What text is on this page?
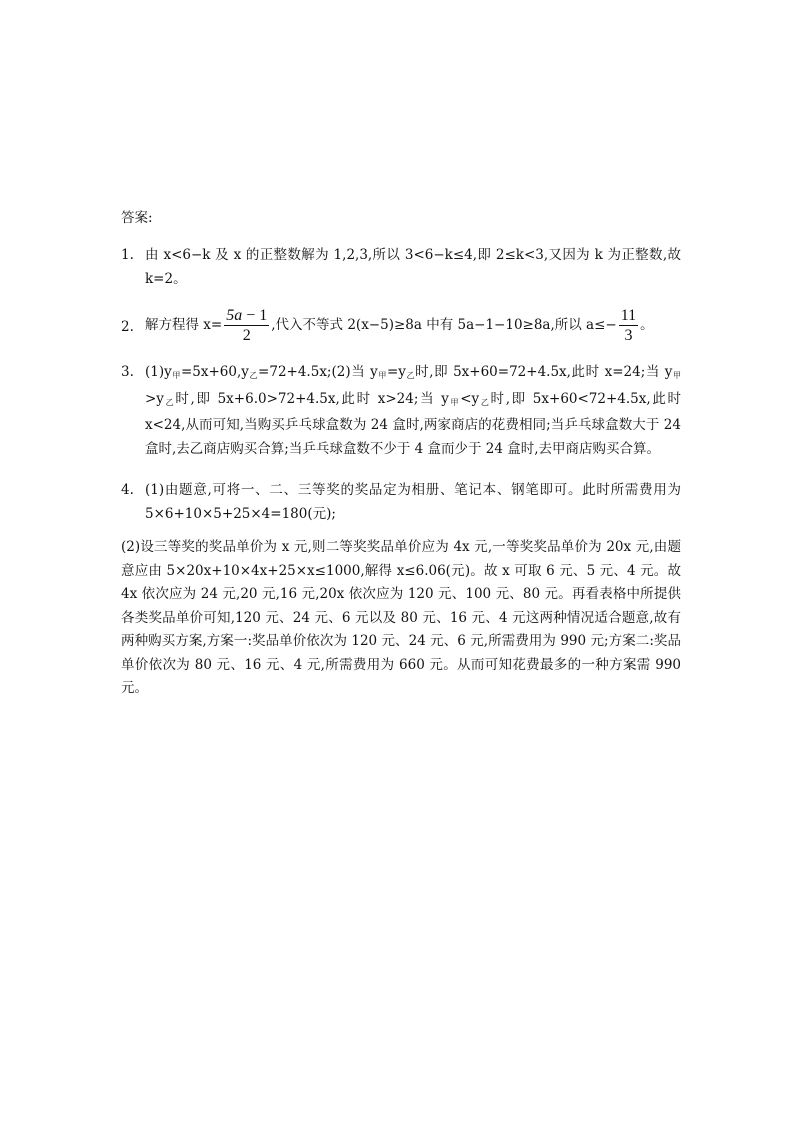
答案:
1. 由 x<6−k 及 x 的正整数解为 1,2,3,所以 3<6−k≤4,即 2≤k<3,又因为 k 为正整数,故 k=2。
2. 解方程得 $x= \frac{5a - 1}{2}$ ,代入不等式 2(x−5)≥8a 中有 5a−1−10≥8a,所以 $a\le- \frac{11}{3}$ 。
3. $(1)y_甲=5x+60,y_乙=72+4.5x;(2)$当 $y_甲=y_乙$时,即 5x+60=72+4.5x,此时 x=24;当 $y_甲>y_乙$时,即 5x+6.0>72+4.5x,此时 x>24;当 $y_甲<y_乙$时,即 5x+60<72+4.5x,此时 x<24,从而可知,当购买乒乓球盒数为 24 盒时,两家商店的花费相同;当乒乓球盒数大于 24 盒时,去乙商店购买合算;当乒乓球盒数不少于 4 盒而少于 24 盒时,去甲商店购买合算。
4. (1)由题意,可将一、二、三等奖的奖品定为相册、笔记本、钢笔即可。此时所需费用为 5×6+10×5+25×4=180(元);
(2)设三等奖的奖品单价为 x 元,则二等奖奖品单价应为 4x 元,一等奖奖品单价为 20x 元,由题意应由 5×20x+10×4x+25×x≤1000,解得 x≤6.06(元)。故 x 可取 6 元、5 元、4 元。故 4x 依次应为 24 元,20 元,16 元,20x 依次应为 120 元、100 元、80 元。再看表格中所提供各类奖品单价可知,120 元、24 元、6 元以及 80 元、16 元、4 元这两种情况适合题意,故有两种购买方案,方案一:奖品单价依次为 120 元、24 元、6 元,所需费用为 990 元;方案二:奖品单价依次为 80 元、16 元、4 元,所需费用为 660 元。从而可知花费最多的一种方案需 990 元。
